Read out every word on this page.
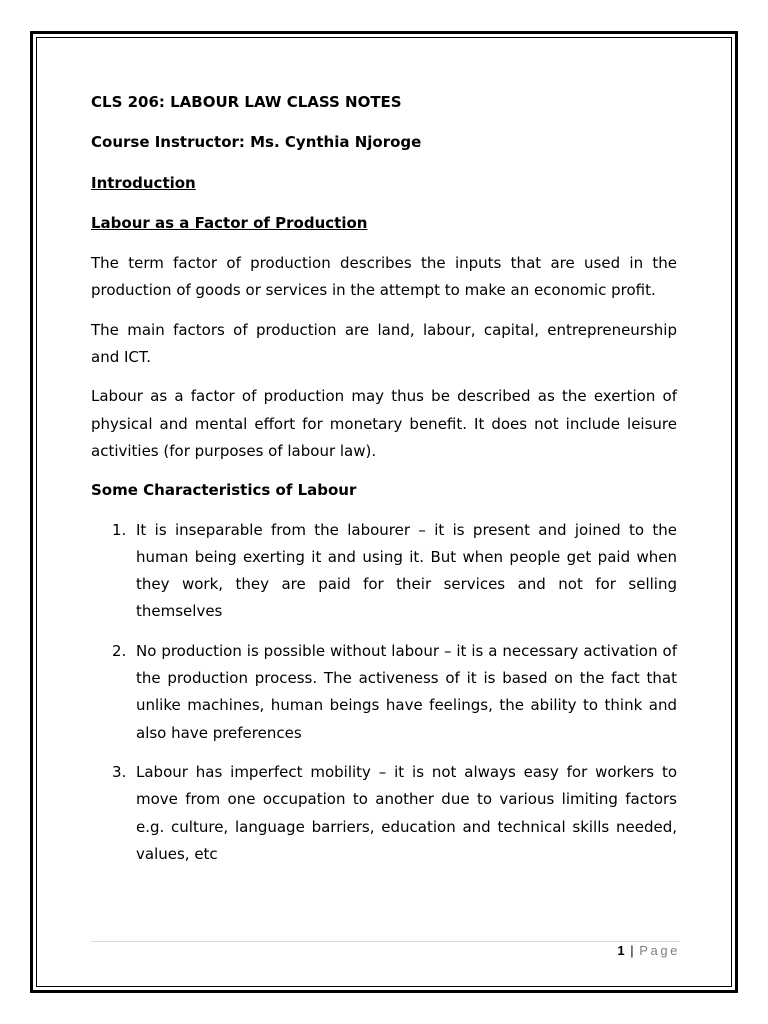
CLS 206: LABOUR LAW CLASS NOTES
Course Instructor: Ms. Cynthia Njoroge
Introduction
Labour as a Factor of Production

The term factor of production describes the inputs that are used in the production of goods or services in the attempt to make an economic profit.

The main factors of production are land, labour, capital, entrepreneurship and ICT.

Labour as a factor of production may thus be described as the exertion of physical and mental effort for monetary benefit. It does not include leisure activities (for purposes of labour law).

Some Characteristics of Labour
1. It is inseparable from the labourer – it is present and joined to the human being exerting it and using it. But when people get paid when they work, they are paid for their services and not for selling themselves
2. No production is possible without labour – it is a necessary activation of the production process. The activeness of it is based on the fact that unlike machines, human beings have feelings, the ability to think and also have preferences
3. Labour has imperfect mobility – it is not always easy for workers to move from one occupation to another due to various limiting factors e.g. culture, language barriers, education and technical skills needed, values, etc
1 | Page
